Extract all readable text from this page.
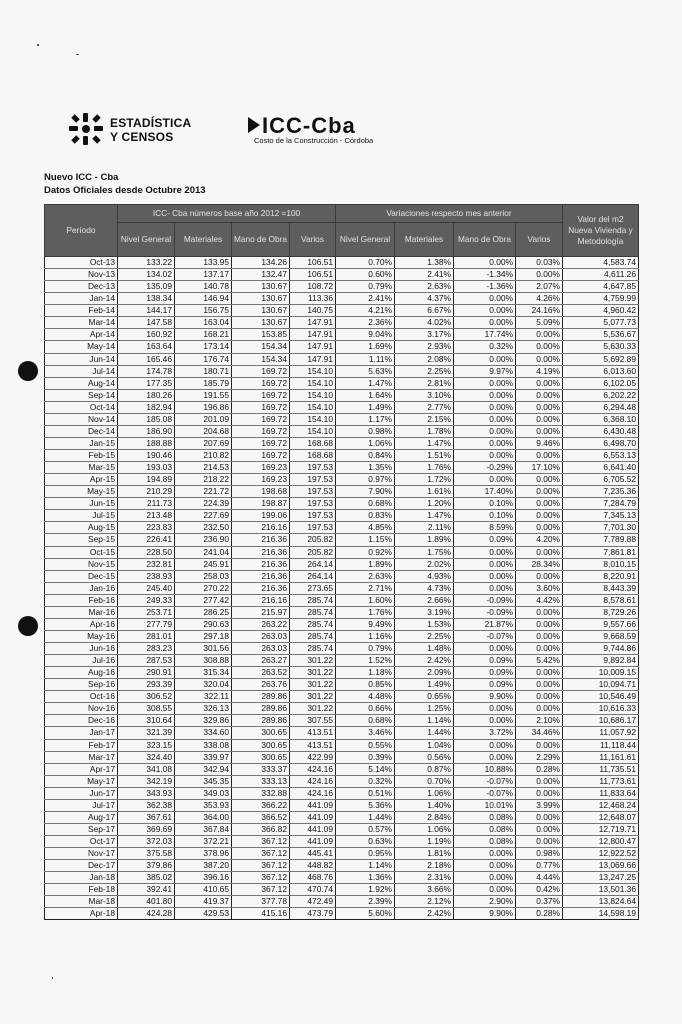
ESTADÍSTICA
Y CENSOS	ICC-Cba
Costo de la Construcción - Córdoba
Nuevo ICC - Cba
Datos Oficiales desde Octubre 2013
Período	ICC- Cba números base año 2012 =100				Variaciones respecto mes anterior				Valor del m2 Nueva Vivienda y Metodología
	Nivel General	Materiales	Mano de Obra	Varios	Nivel General	Materiales	Mano de Obra	Varios	
Oct-13	133.22	133.95	134.26	106.51	0.70%	1.38%	0.00%	0.03%	4,583.74
Nov-13	134.02	137.17	132.47	106.51	0.60%	2.41%	-1.34%	0.00%	4,611.26
Dec-13	135.09	140.78	130.67	108.72	0.79%	2.63%	-1.36%	2.07%	4,647.85
Jan-14	138.34	146.94	130.67	113.36	2.41%	4.37%	0.00%	4.26%	4,759.99
Feb-14	144.17	156.75	130.67	140.75	4.21%	6.67%	0.00%	24.16%	4,960.42
Mar-14	147.58	163.04	130.67	147.91	2.36%	4.02%	0.00%	5.09%	5,077.73
Apr-14	160.92	168.21	153.85	147.91	9.04%	3.17%	17.74%	0.00%	5,536.67
May-14	163.64	173.14	154.34	147.91	1.69%	2.93%	0.32%	0.00%	5,630.33
Jun-14	165.46	176.74	154.34	147.91	1.11%	2.08%	0.00%	0.00%	5,692.89
Jul-14	174.78	180.71	169.72	154.10	5.63%	2.25%	9.97%	4.19%	6,013.60
Aug-14	177.35	185.79	169.72	154.10	1.47%	2.81%	0.00%	0.00%	6,102.05
Sep-14	180.26	191.55	169.72	154.10	1.64%	3.10%	0.00%	0.00%	6,202.22
Oct-14	182.94	196.86	169.72	154.10	1.49%	2.77%	0.00%	0.00%	6,294.48
Nov-14	185.08	201.09	169.72	154.10	1.17%	2.15%	0.00%	0.00%	6,368.10
Dec-14	186.90	204.68	169.72	154.10	0.98%	1.78%	0.00%	0.00%	6,430.48
Jan-15	188.88	207.69	169.72	168.68	1.06%	1.47%	0.00%	9.46%	6,498.70
Feb-15	190.46	210.82	169.72	168.68	0.84%	1.51%	0.00%	0.00%	6,553.13
Mar-15	193.03	214.53	169.23	197.53	1.35%	1.76%	-0.29%	17.10%	6,641.40
Apr-15	194.89	218.22	169.23	197.53	0.97%	1.72%	0.00%	0.00%	6,705.52
May-15	210.29	221.72	198.68	197.53	7.90%	1.61%	17.40%	0.00%	7,235.36
Jun-15	211.73	224.39	198.87	197.53	0.68%	1.20%	0.10%	0.00%	7,284.79
Jul-15	213.48	227.69	199.06	197.53	0.83%	1.47%	0.10%	0.00%	7,345.13
Aug-15	223.83	232.50	216.16	197.53	4.85%	2.11%	8.59%	0.00%	7,701.30
Sep-15	226.41	236.90	216.36	205.82	1.15%	1.89%	0.09%	4.20%	7,789.88
Oct-15	228.50	241.04	216.36	205.82	0.92%	1.75%	0.00%	0.00%	7,861.81
Nov-15	232.81	245.91	216.36	264.14	1.89%	2.02%	0.00%	28.34%	8,010.15
Dec-15	238.93	258.03	216.36	264.14	2.63%	4.93%	0.00%	0.00%	8,220.91
Jan-16	245.40	270.22	216.36	273.65	2.71%	4.73%	0.00%	3.60%	8,443.39
Feb-16	249.33	277.42	216.16	285.74	1.60%	2.66%	-0.09%	4.42%	8,578.61
Mar-16	253.71	286.25	215.97	285.74	1.76%	3.19%	-0.09%	0.00%	8,729.26
Apr-16	277.79	290.63	263.22	285.74	9.49%	1.53%	21.87%	0.00%	9,557.66
May-16	281.01	297.18	263.03	285.74	1.16%	2.25%	-0.07%	0.00%	9,668.59
Jun-16	283.23	301.56	263.03	285.74	0.79%	1.48%	0.00%	0.00%	9,744.86
Jul-16	287.53	308.88	263.27	301.22	1.52%	2.42%	0.09%	5.42%	9,892.84
Aug-16	290.91	315.34	263.52	301.22	1.18%	2.09%	0.09%	0.00%	10,009.15
Sep-16	293.39	320.04	263.76	301.22	0.85%	1.49%	0.09%	0.00%	10,094.71
Oct-16	306.52	322.11	289.86	301.22	4.48%	0.65%	9.90%	0.00%	10,546.49
Nov-16	308.55	326.13	289.86	301.22	0.66%	1.25%	0.00%	0.00%	10,616.33
Dec-16	310.64	329.86	289.86	307.55	0.68%	1.14%	0.00%	2.10%	10,686.17
Jan-17	321.39	334.60	300.65	413.51	3.46%	1.44%	3.72%	34.46%	11,057.92
Feb-17	323.15	338.08	300.65	413.51	0.55%	1.04%	0.00%	0.00%	11,118.44
Mar-17	324.40	339.97	300.65	422.99	0.39%	0.56%	0.00%	2.29%	11,161.61
Apr-17	341.08	342.94	333.37	424.16	5.14%	0.87%	10.88%	0.28%	11,735.51
May-17	342.19	345.35	333.13	424.16	0.32%	0.70%	-0.07%	0.00%	11,773.61
Jun-17	343.93	349.03	332.88	424.16	0.51%	1.06%	-0.07%	0.00%	11,833.64
Jul-17	362.38	353.93	366.22	441.09	5.36%	1.40%	10.01%	3.99%	12,468.24
Aug-17	367.61	364.00	366.52	441.09	1.44%	2.84%	0.08%	0.00%	12,648.07
Sep-17	369.69	367.84	366.82	441.09	0.57%	1.06%	0.08%	0.00%	12,719.71
Oct-17	372.03	372.21	367.12	441.09	0.63%	1.19%	0.08%	0.00%	12,800.47
Nov-17	375.58	378.96	367.12	445.41	0.95%	1.81%	0.00%	0.98%	12,922.52
Dec-17	379.86	387.20	367.12	448.82	1.14%	2.18%	0.00%	0.77%	13,069.66
Jan-18	385.02	396.16	367.12	468.76	1.36%	2.31%	0.00%	4.44%	13,247.25
Feb-18	392.41	410.65	367.12	470.74	1.92%	3.66%	0.00%	0.42%	13,501.36
Mar-18	401.80	419.37	377.78	472.49	2.39%	2.12%	2.90%	0.37%	13,824.64
Apr-18	424.28	429.53	415.16	473.79	5.60%	2.42%	9.90%	0.28%	14,598.19
